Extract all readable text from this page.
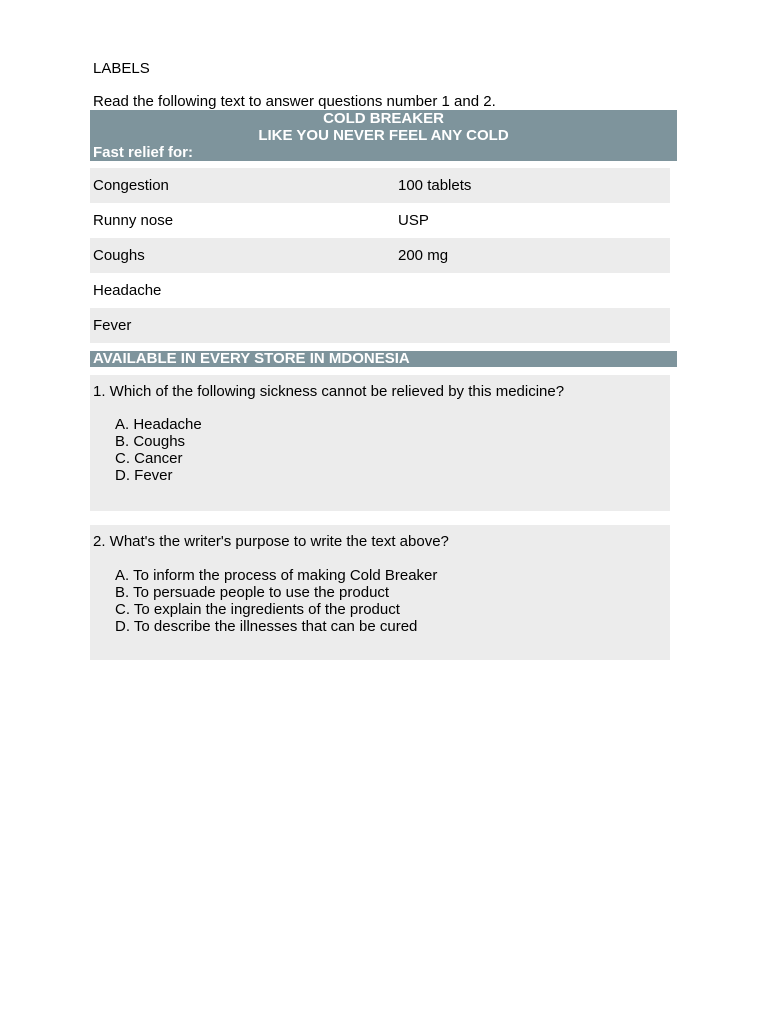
LABELS
Read the following text to answer questions number 1 and 2.
COLD BREAKER
LIKE YOU NEVER FEEL ANY COLD
Fast relief for:
Congestion	100 tablets
Runny nose	USP
Coughs	200 mg
Headache
Fever
AVAILABLE IN EVERY STORE IN MDONESIA
1. Which of the following sickness cannot be relieved by this medicine?
A. Headache
B. Coughs
C. Cancer
D. Fever
2. What's the writer's purpose to write the text above?
A. To inform the process of making Cold Breaker
B. To persuade people to use the product
C. To explain the ingredients of the product
D. To describe the illnesses that can be cured
